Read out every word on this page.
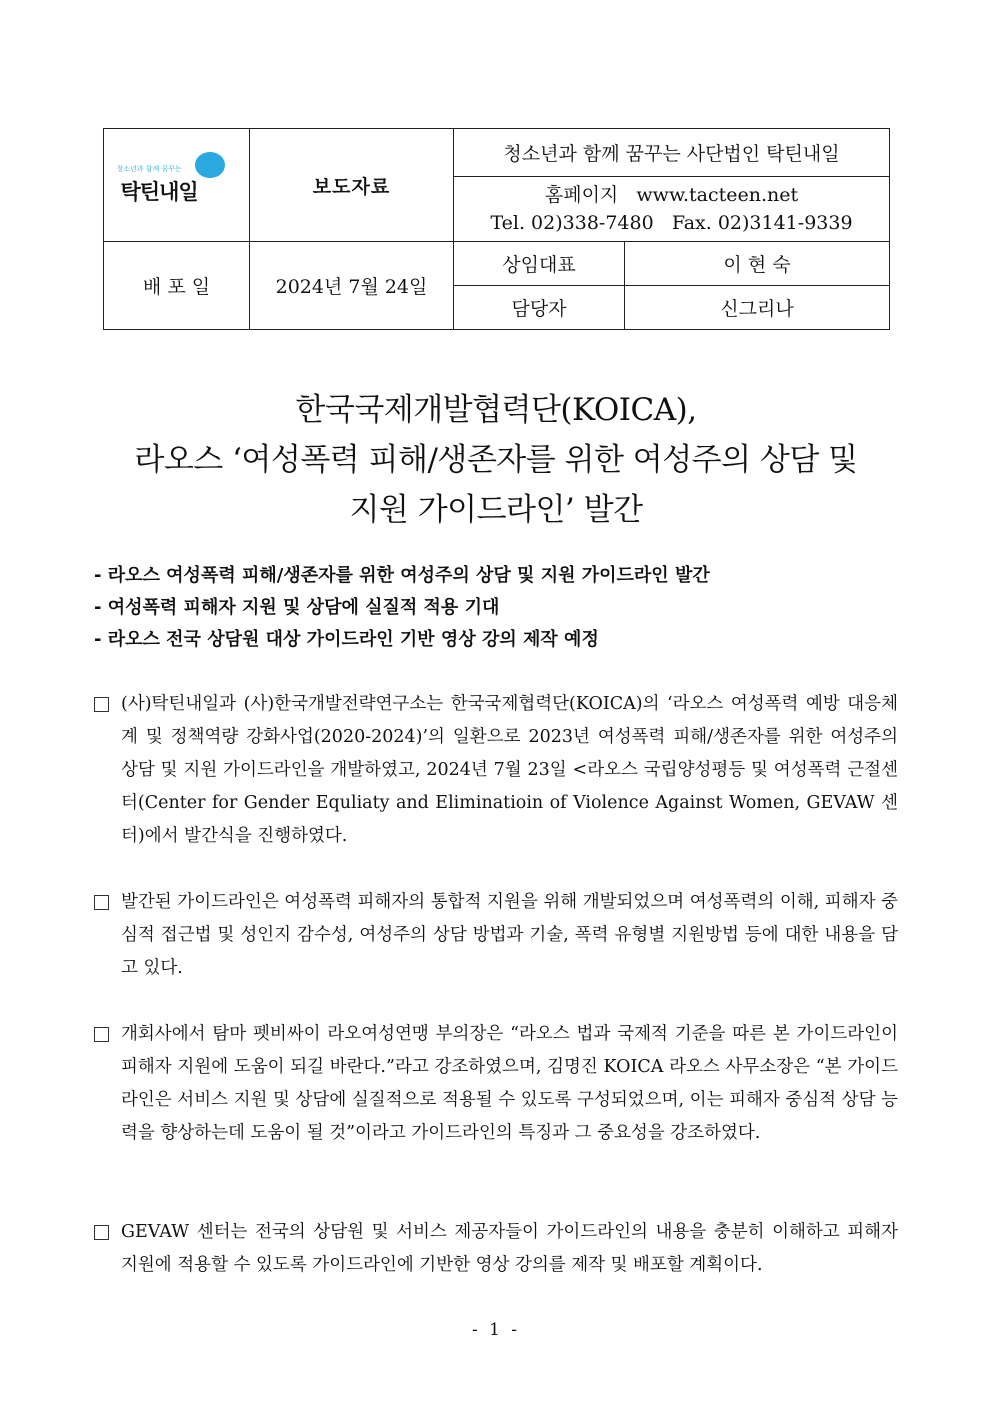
청소년과 함께 꿈꾸는
탁틴내일	보도자료	청소년과 함께 꿈꾸는 사단법인 탁틴내일	

		홈페이지 www.tacteen.net
Tel. 02)338-7480 Fax. 02)3141-9339	

배 포 일	2024년 7월 24일	상임대표	이 현 숙
		담당자	신그리나
한국국제개발협력단(KOICA),
라오스 ‘여성폭력 피해/생존자를 위한 여성주의 상담 및
지원 가이드라인’ 발간
- 라오스 여성폭력 피해/생존자를 위한 여성주의 상담 및 지원 가이드라인 발간
- 여성폭력 피해자 지원 및 상담에 실질적 적용 기대
- 라오스 전국 상담원 대상 가이드라인 기반 영상 강의 제작 예정
(사)탁틴내일과 (사)한국개발전략연구소는 한국국제협력단(KOICA)의 ‘라오스 여성폭력 예방 대응체계 및 정책역량 강화사업(2020-2024)’의 일환으로 2023년 여성폭력 피해/생존자를 위한 여성주의 상담 및 지원 가이드라인을 개발하였고, 2024년 7월 23일 <라오스 국립양성평등 및 여성폭력 근절센터(Center for Gender Equliaty and Eliminatioin of Violence Against Women, GEVAW 센터)에서 발간식을 진행하였다.
발간된 가이드라인은 여성폭력 피해자의 통합적 지원을 위해 개발되었으며 여성폭력의 이해, 피해자 중심적 접근법 및 성인지 감수성, 여성주의 상담 방법과 기술, 폭력 유형별 지원방법 등에 대한 내용을 담고 있다.
개회사에서 탐마 펫비싸이 라오여성연맹 부의장은 “라오스 법과 국제적 기준을 따른 본 가이드라인이 피해자 지원에 도움이 되길 바란다.”라고 강조하였으며, 김명진 KOICA 라오스 사무소장은 “본 가이드라인은 서비스 지원 및 상담에 실질적으로 적용될 수 있도록 구성되었으며, 이는 피해자 중심적 상담 능력을 향상하는데 도움이 될 것”이라고 가이드라인의 특징과 그 중요성을 강조하였다.
GEVAW 센터는 전국의 상담원 및 서비스 제공자들이 가이드라인의 내용을 충분히 이해하고 피해자 지원에 적용할 수 있도록 가이드라인에 기반한 영상 강의를 제작 및 배포할 계획이다.
- 1 -
